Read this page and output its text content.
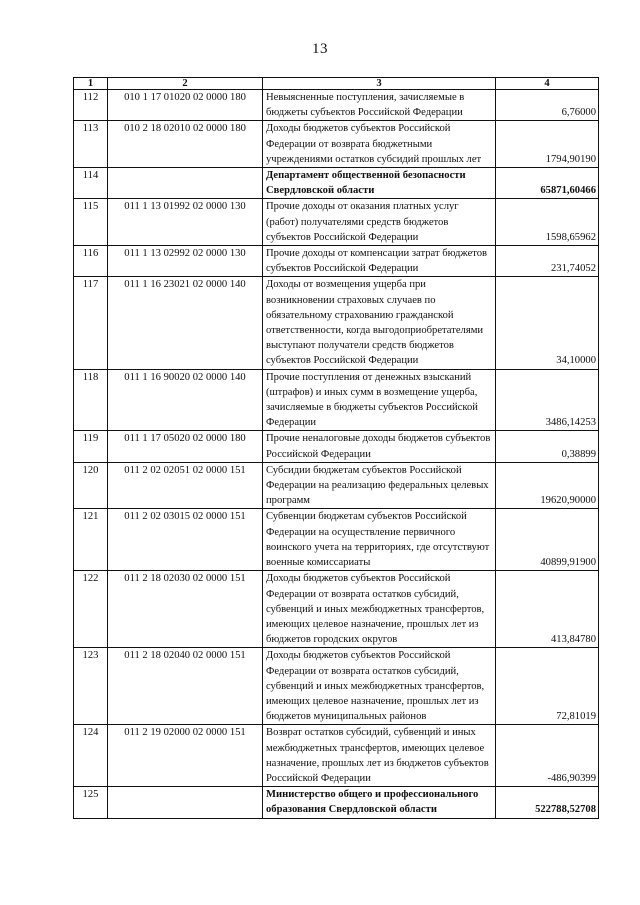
13
1	2	3	4
112	010 1 17 01020 02 0000 180	Невыясненные поступления, зачисляемые в бюджеты субъектов Российской Федерации	6,76000
113	010 2 18 02010 02 0000 180	Доходы бюджетов субъектов Российской Федерации от возврата бюджетными учреждениями остатков субсидий прошлых лет	1794,90190
114		Департамент общественной безопасности Свердловской области	65871,60466
115	011 1 13 01992 02 0000 130	Прочие доходы от оказания платных услуг (работ) получателями средств бюджетов субъектов Российской Федерации	1598,65962
116	011 1 13 02992 02 0000 130	Прочие доходы от компенсации затрат бюджетов субъектов Российской Федерации	231,74052
117	011 1 16 23021 02 0000 140	Доходы от возмещения ущерба при возникновении страховых случаев по обязательному страхованию гражданской ответственности, когда выгодоприобретателями выступают получатели средств бюджетов субъектов Российской Федерации	34,10000
118	011 1 16 90020 02 0000 140	Прочие поступления от денежных взысканий (штрафов) и иных сумм в возмещение ущерба, зачисляемые в бюджеты субъектов Российской Федерации	3486,14253
119	011 1 17 05020 02 0000 180	Прочие неналоговые доходы бюджетов субъектов Российской Федерации	0,38899
120	011 2 02 02051 02 0000 151	Субсидии бюджетам субъектов Российской Федерации на реализацию федеральных целевых программ	19620,90000
121	011 2 02 03015 02 0000 151	Субвенции бюджетам субъектов Российской Федерации на осуществление первичного воинского учета на территориях, где отсутствуют военные комиссариаты	40899,91900
122	011 2 18 02030 02 0000 151	Доходы бюджетов субъектов Российской Федерации от возврата остатков субсидий, субвенций и иных межбюджетных трансфертов, имеющих целевое назначение, прошлых лет из бюджетов городских округов	413,84780
123	011 2 18 02040 02 0000 151	Доходы бюджетов субъектов Российской Федерации от возврата остатков субсидий, субвенций и иных межбюджетных трансфертов, имеющих целевое назначение, прошлых лет из бюджетов муниципальных районов	72,81019
124	011 2 19 02000 02 0000 151	Возврат остатков субсидий, субвенций и иных межбюджетных трансфертов, имеющих целевое назначение, прошлых лет из бюджетов субъектов Российской Федерации	-486,90399
125		Министерство общего и профессионального образования Свердловской области	522788,52708
